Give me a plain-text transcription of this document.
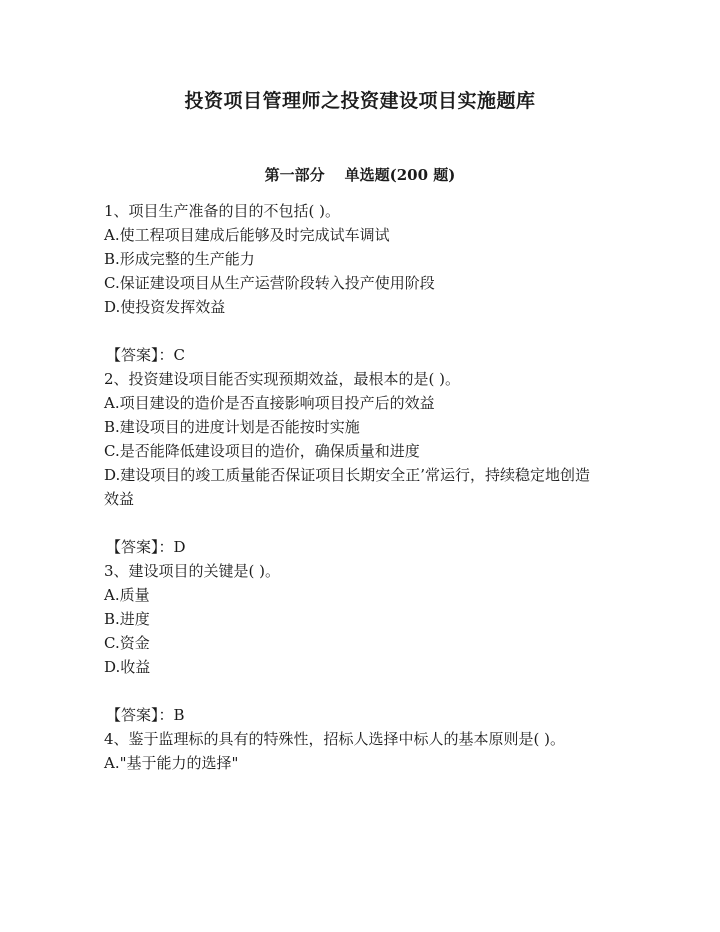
投资项目管理师之投资建设项目实施题库
第一部分 单选题(200 题)
1、项目生产准备的目的不包括( )。
A.使工程项目建成后能够及时完成试车调试
B.形成完整的生产能力
C.保证建设项目从生产运营阶段转入投产使用阶段
D.使投资发挥效益
【答案】：C
2、投资建设项目能否实现预期效益，最根本的是( )。
A.项目建设的造价是否直接影响项目投产后的效益
B.建设项目的进度计划是否能按时实施
C.是否能降低建设项目的造价，确保质量和进度
D.建设项目的竣工质量能否保证项目长期安全正’常运行，持续稳定地创造效益
【答案】：D
3、建设项目的关键是( )。
A.质量
B.进度
C.资金
D.收益
【答案】：B
4、鉴于监理标的具有的特殊性，招标人选择中标人的基本原则是( )。
A."基于能力的选择"
